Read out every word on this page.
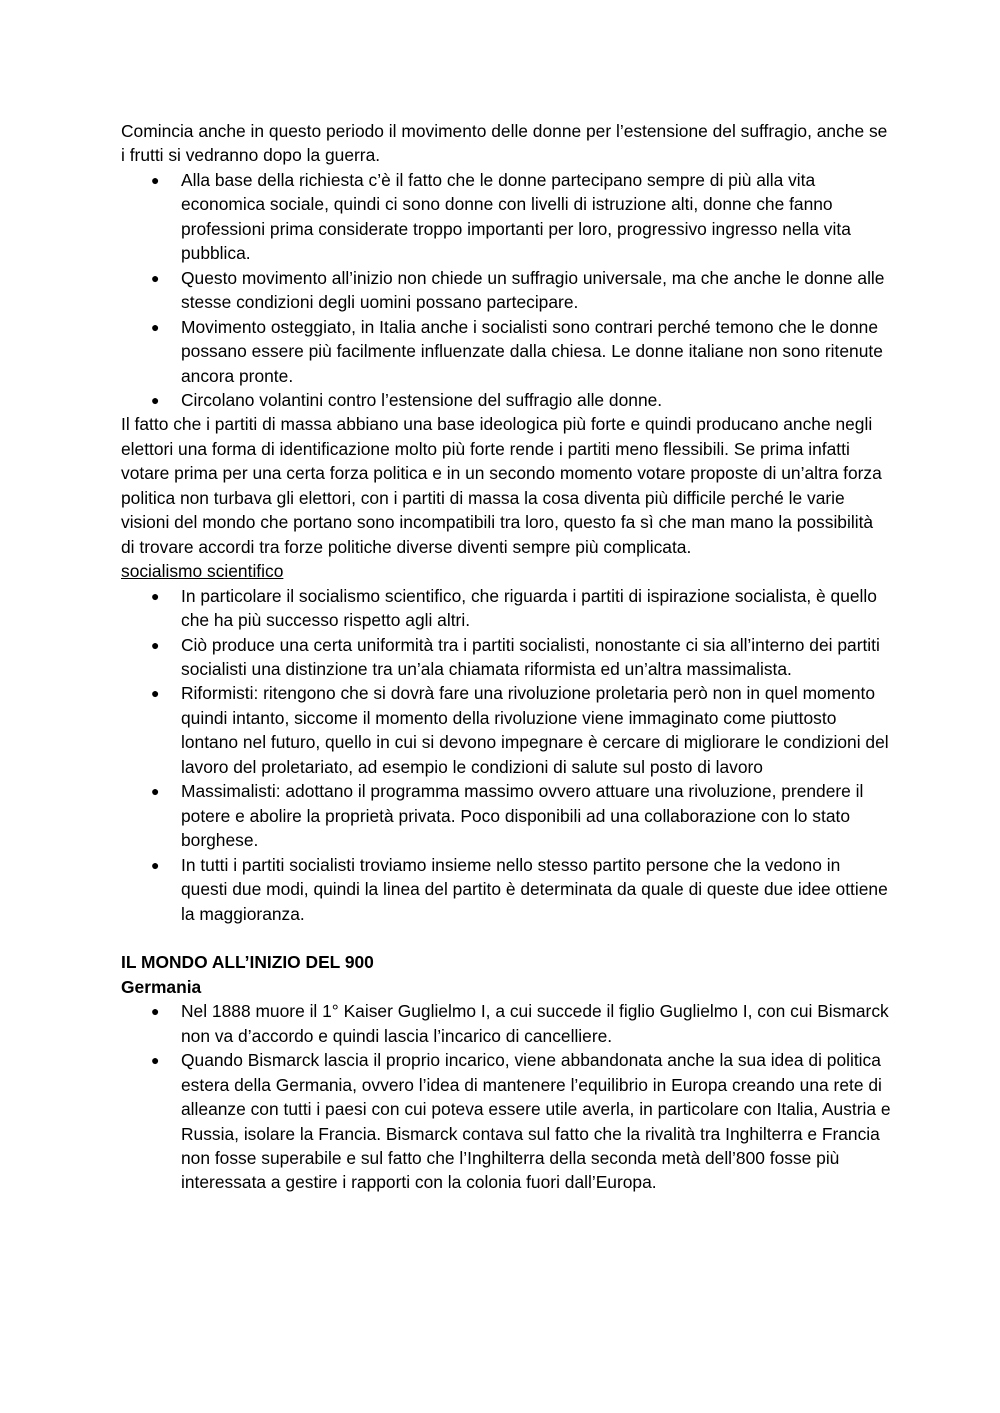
Comincia anche in questo periodo il movimento delle donne per l’estensione del suffragio, anche se i frutti si vedranno dopo la guerra.

● Alla base della richiesta c’è il fatto che le donne partecipano sempre di più alla vita economica sociale, quindi ci sono donne con livelli di istruzione alti, donne che fanno professioni prima considerate troppo importanti per loro, progressivo ingresso nella vita pubblica.
● Questo movimento all’inizio non chiede un suffragio universale, ma che anche le donne alle stesse condizioni degli uomini possano partecipare.
● Movimento osteggiato, in Italia anche i socialisti sono contrari perché temono che le donne possano essere più facilmente influenzate dalla chiesa. Le donne italiane non sono ritenute ancora pronte.
● Circolano volantini contro l’estensione del suffragio alle donne.

Il fatto che i partiti di massa abbiano una base ideologica più forte e quindi producano anche negli elettori una forma di identificazione molto più forte rende i partiti meno flessibili. Se prima infatti votare prima per una certa forza politica e in un secondo momento votare proposte di un’altra forza politica non turbava gli elettori, con i partiti di massa la cosa diventa più difficile perché le varie visioni del mondo che portano sono incompatibili tra loro, questo fa sì che man mano la possibilità di trovare accordi tra forze politiche diverse diventi sempre più complicata.

socialismo scientifico

● In particolare il socialismo scientifico, che riguarda i partiti di ispirazione socialista, è quello che ha più successo rispetto agli altri.
● Ciò produce una certa uniformità tra i partiti socialisti, nonostante ci sia all’interno dei partiti socialisti una distinzione tra un’ala chiamata riformista ed un’altra massimalista.
● Riformisti: ritengono che si dovrà fare una rivoluzione proletaria però non in quel momento quindi intanto, siccome il momento della rivoluzione viene immaginato come piuttosto lontano nel futuro, quello in cui si devono impegnare è cercare di migliorare le condizioni del lavoro del proletariato, ad esempio le condizioni di salute sul posto di lavoro
● Massimalisti: adottano il programma massimo ovvero attuare una rivoluzione, prendere il potere e abolire la proprietà privata. Poco disponibili ad una collaborazione con lo stato borghese.
● In tutti i partiti socialisti troviamo insieme nello stesso partito persone che la vedono in questi due modi, quindi la linea del partito è determinata da quale di queste due idee ottiene la maggioranza.

IL MONDO ALL’INIZIO DEL 900

Germania

● Nel 1888 muore il 1° Kaiser Guglielmo I, a cui succede il figlio Guglielmo I, con cui Bismarck non va d’accordo e quindi lascia l’incarico di cancelliere.
● Quando Bismarck lascia il proprio incarico, viene abbandonata anche la sua idea di politica estera della Germania, ovvero l’idea di mantenere l’equilibrio in Europa creando una rete di alleanze con tutti i paesi con cui poteva essere utile averla, in particolare con Italia, Austria e Russia, isolare la Francia. Bismarck contava sul fatto che la rivalità tra Inghilterra e Francia non fosse superabile e sul fatto che l’Inghilterra della seconda metà dell’800 fosse più interessata a gestire i rapporti con la colonia fuori dall’Europa.
